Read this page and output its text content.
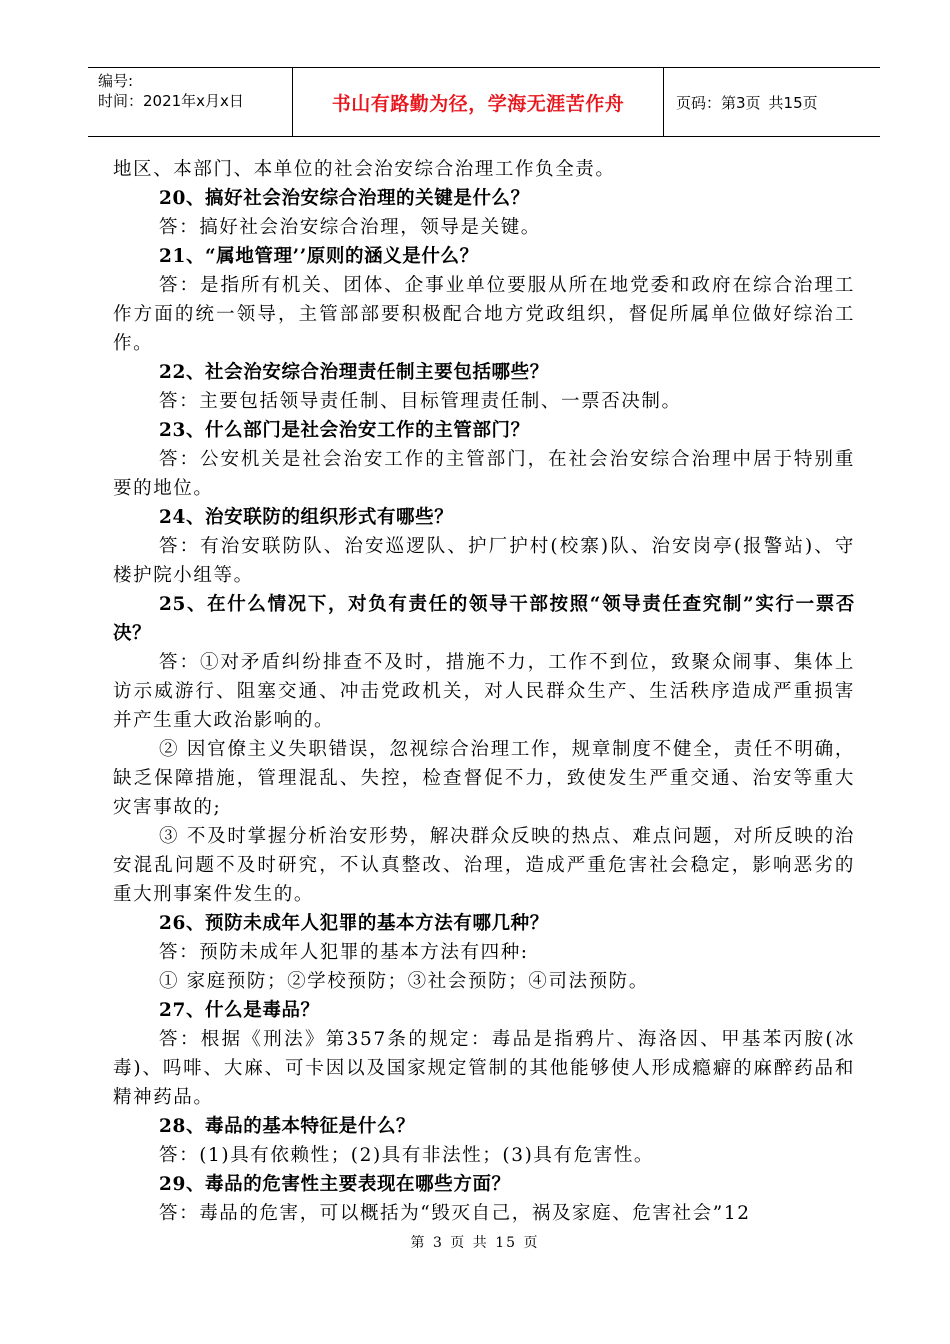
编号:
时间：2021年x月x日	书山有路勤为径，学海无涯苦作舟	页码：第3页 共15页

地区、本部门、本单位的社会治安综合治理工作负全责。

20、搞好社会治安综合治理的关键是什么？

答：搞好社会治安综合治理，领导是关键。

21、“属地管理’’原则的涵义是什么？

答：是指所有机关、团体、企事业单位要服从所在地党委和政府在综合治理工作方面的统一领导，主管部部要积极配合地方党政组织，督促所属单位做好综治工作。

22、社会治安综合治理责任制主要包括哪些？

答：主要包括领导责任制、目标管理责任制、一票否决制。

23、什么部门是社会治安工作的主管部门？

答：公安机关是社会治安工作的主管部门，在社会治安综合治理中居于特别重要的地位。

24、治安联防的组织形式有哪些？

答：有治安联防队、治安巡逻队、护厂护村(校寨)队、治安岗亭(报警站)、守楼护院小组等。

25、在什么情况下，对负有责任的领导干部按照“领导责任查究制”实行一票否决？

答：①对矛盾纠纷排查不及时，措施不力，工作不到位，致聚众闹事、集体上访示威游行、阻塞交通、冲击党政机关，对人民群众生产、生活秩序造成严重损害并产生重大政治影响的。

② 因官僚主义失职错误，忽视综合治理工作，规章制度不健全，责任不明确，缺乏保障措施，管理混乱、失控，检查督促不力，致使发生严重交通、治安等重大灾害事故的;

③ 不及时掌握分析治安形势，解决群众反映的热点、难点问题，对所反映的治安混乱问题不及时研究，不认真整改、治理，造成严重危害社会稳定，影响恶劣的重大刑事案件发生的。

26、预防未成年人犯罪的基本方法有哪几种？

答：预防未成年人犯罪的基本方法有四种:

① 家庭预防；②学校预防；③社会预防；④司法预防。

27、什么是毒品？

答：根据《刑法》第357条的规定：毒品是指鸦片、海洛因、甲基苯丙胺(冰毒)、吗啡、大麻、可卡因以及国家规定管制的其他能够使人形成瘾癖的麻醉药品和精神药品。

28、毒品的基本特征是什么？

答：(1)具有依赖性；(2)具有非法性；(3)具有危害性。

29、毒品的危害性主要表现在哪些方面？

答：毒品的危害，可以概括为“毁灭自己，祸及家庭、危害社会”12

第 3 页 共 15 页
